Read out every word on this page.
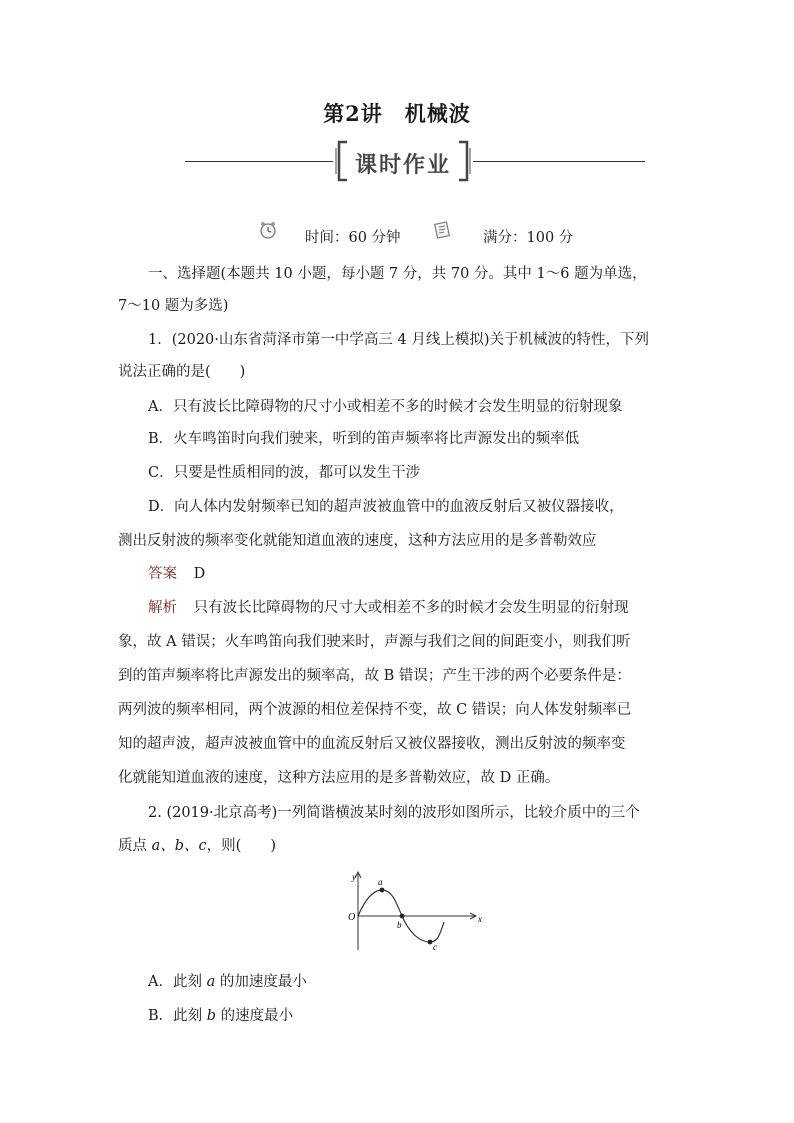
第2讲　机械波
课时作业
时间：60 分钟	满分：100 分
一、选择题(本题共 10 小题，每小题 7 分，共 70 分。其中 1～6 题为单选，
7～10 题为多选)
1．(2020·山东省菏泽市第一中学高三 4 月线上模拟)关于机械波的特性，下列
说法正确的是(　　)
A．只有波长比障碍物的尺寸小或相差不多的时候才会发生明显的衍射现象
B．火车鸣笛时向我们驶来，听到的笛声频率将比声源发出的频率低
C．只要是性质相同的波，都可以发生干涉
D．向人体内发射频率已知的超声波被血管中的血液反射后又被仪器接收，
测出反射波的频率变化就能知道血液的速度，这种方法应用的是多普勒效应
答案 D
解析 只有波长比障碍物的尺寸大或相差不多的时候才会发生明显的衍射现
象，故 A 错误；火车鸣笛向我们驶来时，声源与我们之间的间距变小，则我们听
到的笛声频率将比声源发出的频率高，故 B 错误；产生干涉的两个必要条件是：
两列波的频率相同，两个波源的相位差保持不变，故 C 错误；向人体发射频率已
知的超声波，超声波被血管中的血流反射后又被仪器接收，测出反射波的频率变
化就能知道血液的速度，这种方法应用的是多普勒效应，故 D 正确。
2. (2019·北京高考)一列简谐横波某时刻的波形如图所示，比较介质中的三个
质点 a、b、c，则(　　)
y
x
O
a
b
c
A．此刻 a 的加速度最小
B．此刻 b 的速度最小
